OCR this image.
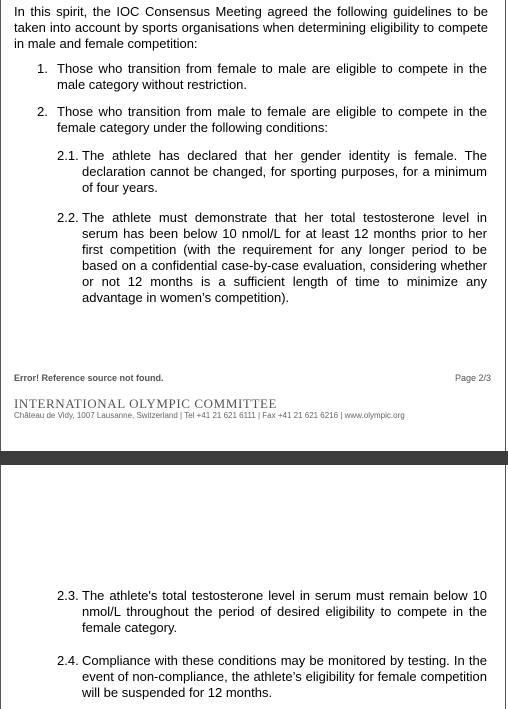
In this spirit, the IOC Consensus Meeting agreed the following guidelines to be taken into account by sports organisations when determining eligibility to compete in male and female competition:

1. Those who transition from female to male are eligible to compete in the male category without restriction.

2. Those who transition from male to female are eligible to compete in the female category under the following conditions:

2.1. The athlete has declared that her gender identity is female. The declaration cannot be changed, for sporting purposes, for a minimum of four years.

2.2. The athlete must demonstrate that her total testosterone level in serum has been below 10 nmol/L for at least 12 months prior to her first competition (with the requirement for any longer period to be based on a confidential case-by-case evaluation, considering whether or not 12 months is a sufficient length of time to minimize any advantage in women’s competition).

Error! Reference source not found.	Page 2/3
INTERNATIONAL OLYMPIC COMMITTEE
Château de Vidy, 1007 Lausanne, Switzerland | Tel +41 21 621 6111 | Fax +41 21 621 6216 | www.olympic.org
2.3. The athlete's total testosterone level in serum must remain below 10 nmol/L throughout the period of desired eligibility to compete in the female category.

2.4. Compliance with these conditions may be monitored by testing. In the event of non-compliance, the athlete’s eligibility for female competition will be suspended for 12 months.
